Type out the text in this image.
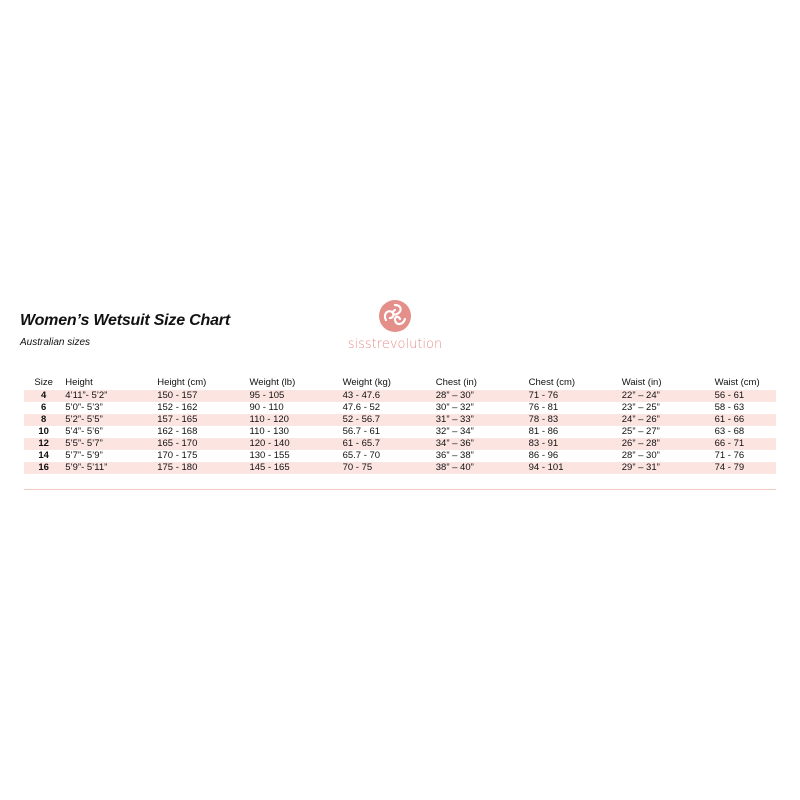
Women’s Wetsuit Size Chart
Australian sizes	sisstrevolution
Size	Height	Height (cm)	Weight (lb)	Weight (kg)	Chest (in)	Chest (cm)	Waist (in)	Waist (cm)
4	4’11”- 5’2”	150 - 157	95 - 105	43 - 47.6	28” – 30”	71 - 76	22” – 24”	56 - 61
6	5’0”- 5’3”	152 - 162	90 - 110	47.6 - 52	30” – 32”	76 - 81	23” – 25”	58 - 63
8	5’2”- 5’5”	157 - 165	110 - 120	52 - 56.7	31” – 33”	78 - 83	24” – 26”	61 - 66
10	5’4”- 5’6”	162 - 168	110 - 130	56.7 - 61	32” – 34”	81 - 86	25” – 27”	63 - 68
12	5’5”- 5’7”	165 - 170	120 - 140	61 - 65.7	34” – 36”	83 - 91	26” – 28”	66 - 71
14	5’7”- 5’9”	170 - 175	130 - 155	65.7 - 70	36” – 38”	86 - 96	28” – 30”	71 - 76
16	5’9”- 5’11”	175 - 180	145 - 165	70 - 75	38” – 40”	94 - 101	29” – 31”	74 - 79
